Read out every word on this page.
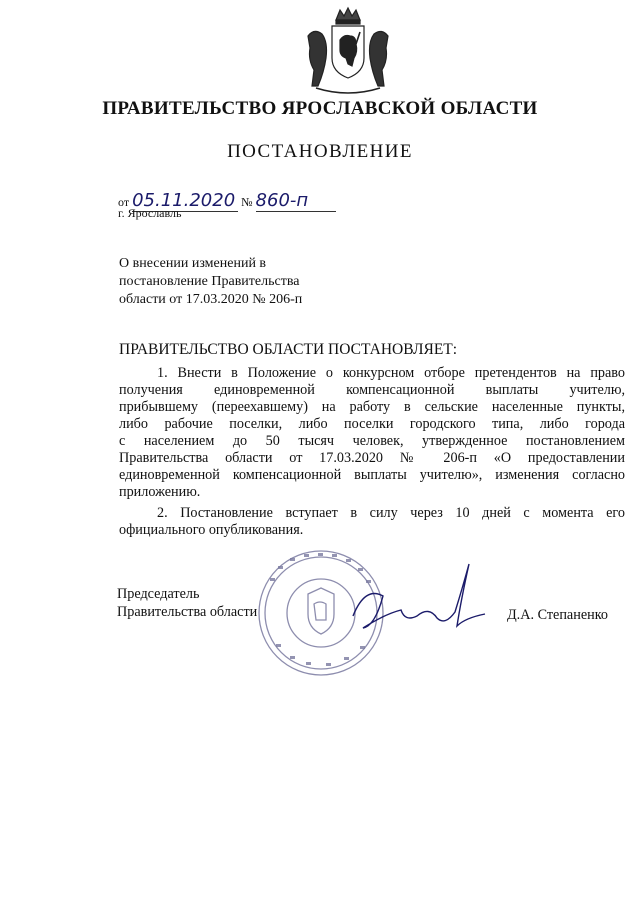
ПРАВИТЕЛЬСТВО ЯРОСЛАВСКОЙ ОБЛАСТИ
ПОСТАНОВЛЕНИЕ
от 05.11.2020 № 860-п
г. Ярославль
О внесении изменений в
постановление Правительства
области от 17.03.2020 № 206-п
ПРАВИТЕЛЬСТВО ОБЛАСТИ ПОСТАНОВЛЯЕТ:
1. Внести в Положение о конкурсном отборе претендентов на право
получения единовременной компенсационной выплаты учителю,
прибывшему (переехавшему) на работу в сельские населенные пункты,
либо рабочие поселки, либо поселки городского типа, либо города
с населением до 50 тысяч человек, утвержденное постановлением
Правительства области от 17.03.2020 № 206-п «О предоставлении
единовременной компенсационной выплаты учителю», изменения согласно
приложению.
2. Постановление вступает в силу через 10 дней с момента его
официального опубликования.
Председатель
Правительства области	Д.А. Степаненко
